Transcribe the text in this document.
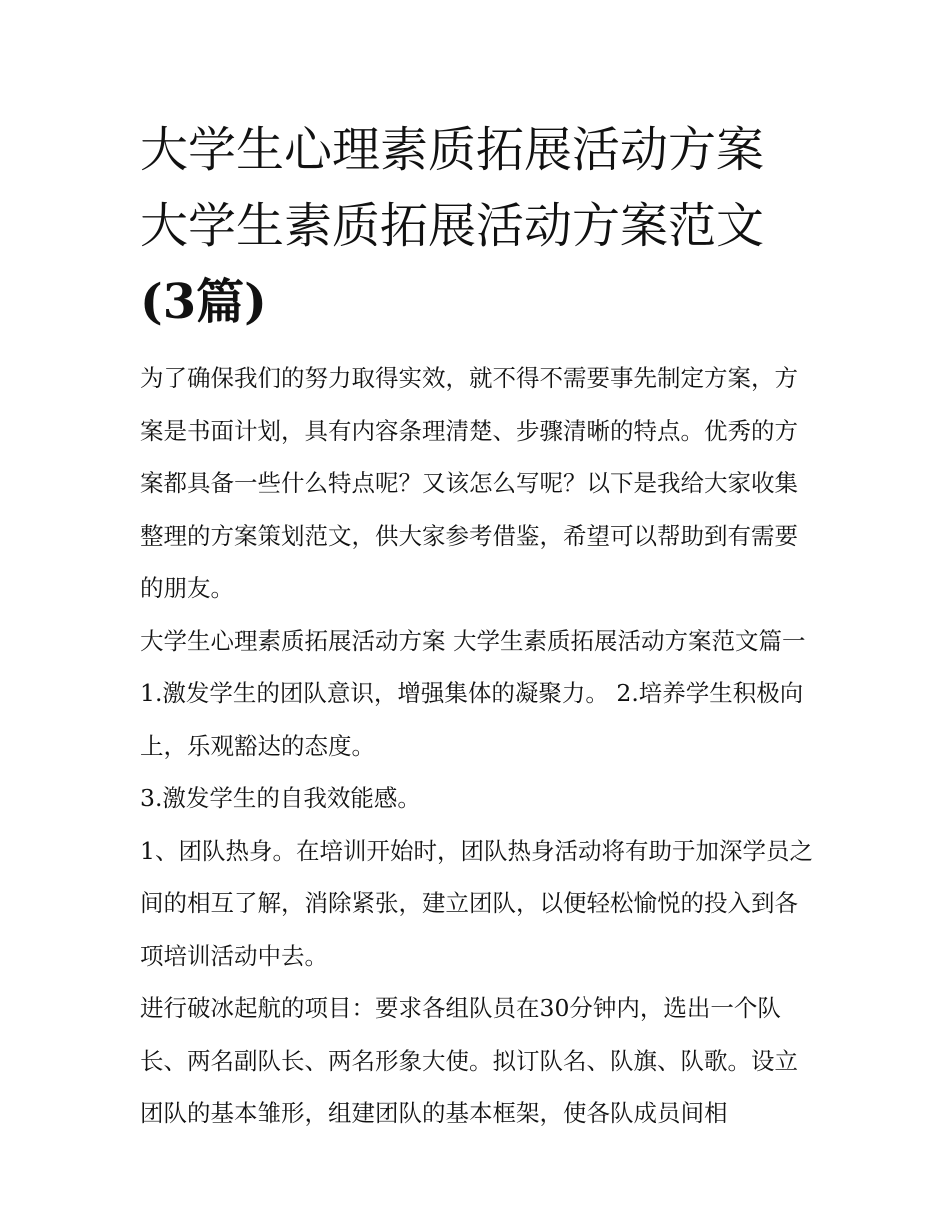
大学生心理素质拓展活动方案
大学生素质拓展活动方案范文
(3篇)

为了确保我们的努力取得实效，就不得不需要事先制定方案，方案是书面计划，具有内容条理清楚、步骤清晰的特点。优秀的方案都具备一些什么特点呢？又该怎么写呢？以下是我给大家收集整理的方案策划范文，供大家参考借鉴，希望可以帮助到有需要的朋友。

大学生心理素质拓展活动方案 大学生素质拓展活动方案范文篇一 1.激发学生的团队意识，增强集体的凝聚力。 2.培养学生积极向上，乐观豁达的态度。

3.激发学生的自我效能感。

1、团队热身。在培训开始时，团队热身活动将有助于加深学员之间的相互了解，消除紧张，建立团队，以便轻松愉悦的投入到各项培训活动中去。

进行破冰起航的项目：要求各组队员在30分钟内，选出一个队长、两名副队长、两名形象大使。拟订队名、队旗、队歌。设立团队的基本雏形，组建团队的基本框架，使各队成员间相
